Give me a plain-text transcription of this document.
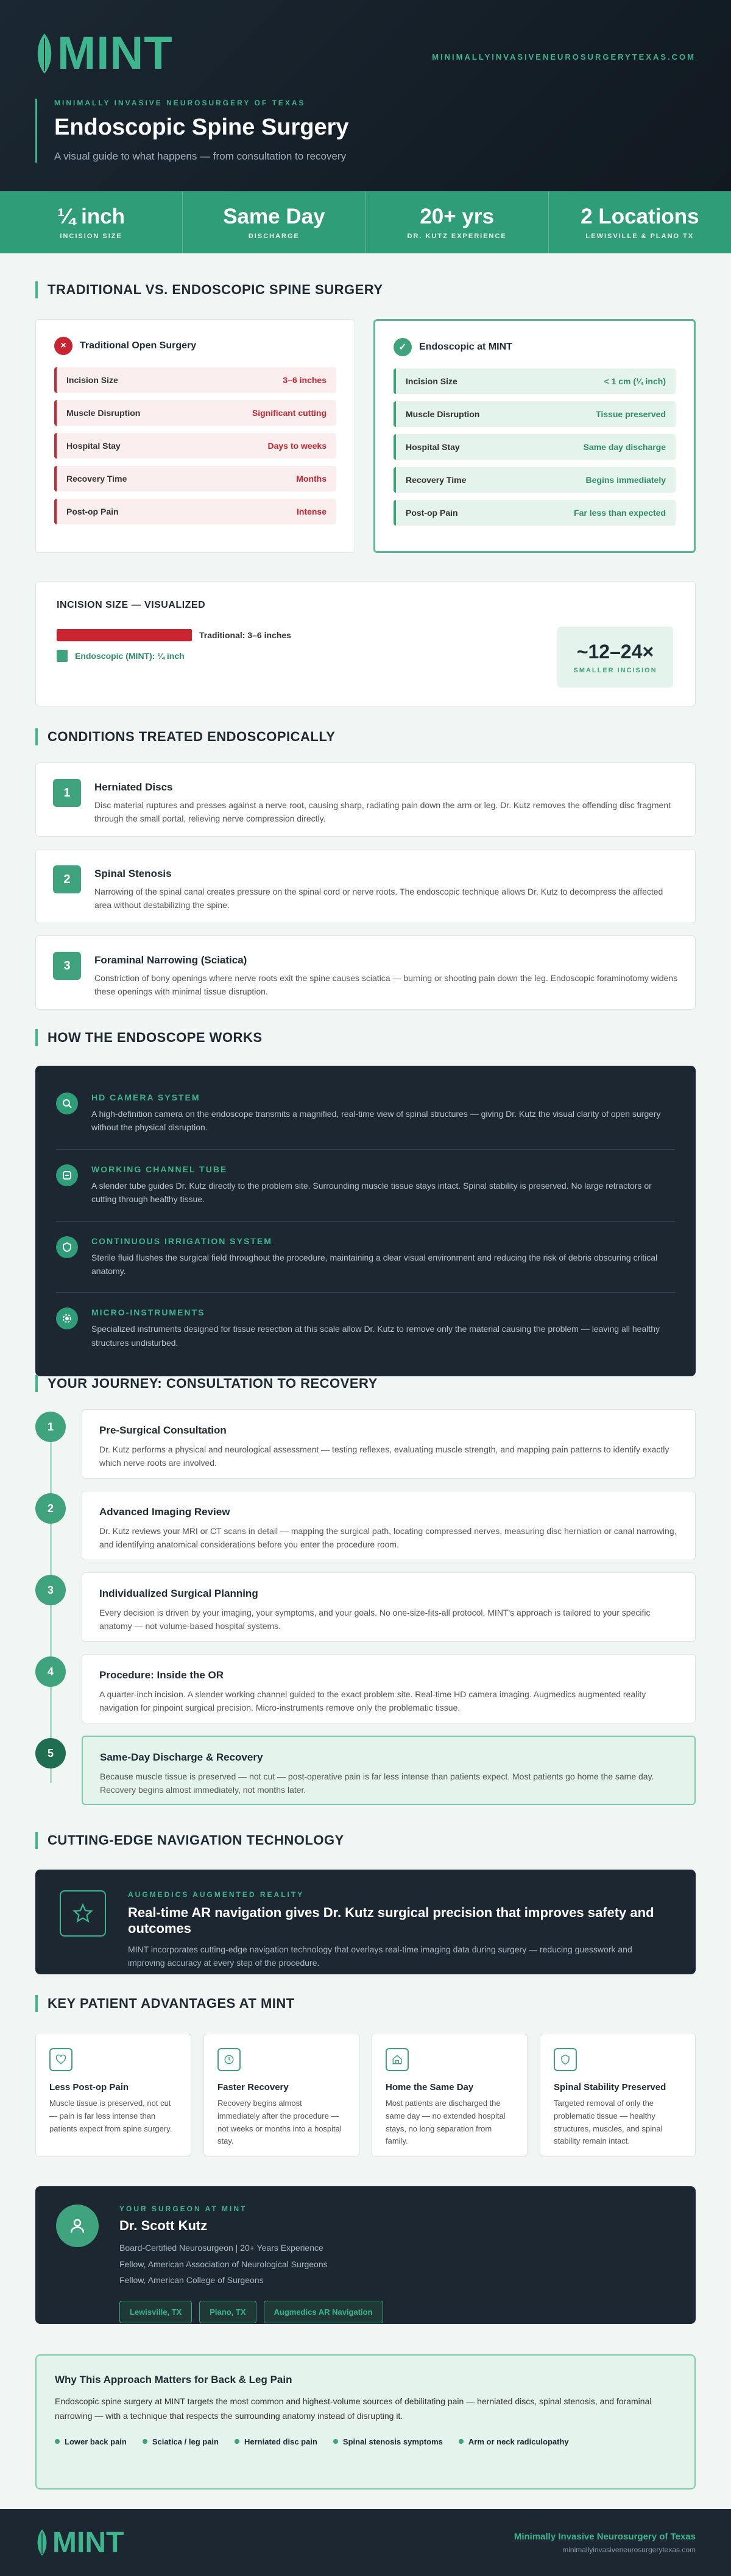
MINT	MINIMALLYINVASIVENEUROSURGERYTEXAS.COM
MINIMALLY INVASIVE NEUROSURGERY OF TEXAS
Endoscopic Spine Surgery
A visual guide to what happens — from consultation to recovery
¼ inch
INCISION SIZE
Same Day
DISCHARGE
20+ yrs
DR. KUTZ EXPERIENCE
2 Locations
LEWISVILLE & PLANO TX
TRADITIONAL VS. ENDOSCOPIC SPINE SURGERY
×	Traditional Open Surgery
Incision Size	3–6 inches
Muscle Disruption	Significant cutting
Hospital Stay	Days to weeks
Recovery Time	Months
Post-op Pain	Intense
✓	Endoscopic at MINT
Incision Size	< 1 cm (¼ inch)
Muscle Disruption	Tissue preserved
Hospital Stay	Same day discharge
Recovery Time	Begins immediately
Post-op Pain	Far less than expected
INCISION SIZE — VISUALIZED
Traditional: 3–6 inches
Endoscopic (MINT): ¼ inch	~12–24×
SMALLER INCISION
CONDITIONS TREATED ENDOSCOPICALLY
1	Herniated Discs
Disc material ruptures and presses against a nerve root, causing sharp, radiating pain down the arm or leg. Dr. Kutz removes the offending disc fragment through the small portal, relieving nerve compression directly.
2	Spinal Stenosis
Narrowing of the spinal canal creates pressure on the spinal cord or nerve roots. The endoscopic technique allows Dr. Kutz to decompress the affected area without destabilizing the spine.
3	Foraminal Narrowing (Sciatica)
Constriction of bony openings where nerve roots exit the spine causes sciatica — burning or shooting pain down the leg. Endoscopic foraminotomy widens these openings with minimal tissue disruption.
HOW THE ENDOSCOPE WORKS
HD CAMERA SYSTEM
A high-definition camera on the endoscope transmits a magnified, real-time view of spinal structures — giving Dr. Kutz the visual clarity of open surgery without the physical disruption.
WORKING CHANNEL TUBE
A slender tube guides Dr. Kutz directly to the problem site. Surrounding muscle tissue stays intact. Spinal stability is preserved. No large retractors or cutting through healthy tissue.
CONTINUOUS IRRIGATION SYSTEM
Sterile fluid flushes the surgical field throughout the procedure, maintaining a clear visual environment and reducing the risk of debris obscuring critical anatomy.
MICRO-INSTRUMENTS
Specialized instruments designed for tissue resection at this scale allow Dr. Kutz to remove only the material causing the problem — leaving all healthy structures undisturbed.
YOUR JOURNEY: CONSULTATION TO RECOVERY
1	Pre-Surgical Consultation
Dr. Kutz performs a physical and neurological assessment — testing reflexes, evaluating muscle strength, and mapping pain patterns to identify exactly which nerve roots are involved.
2	Advanced Imaging Review
Dr. Kutz reviews your MRI or CT scans in detail — mapping the surgical path, locating compressed nerves, measuring disc herniation or canal narrowing, and identifying anatomical considerations before you enter the procedure room.
3	Individualized Surgical Planning
Every decision is driven by your imaging, your symptoms, and your goals. No one-size-fits-all protocol. MINT's approach is tailored to your specific anatomy — not volume-based hospital systems.
4	Procedure: Inside the OR
A quarter-inch incision. A slender working channel guided to the exact problem site. Real-time HD camera imaging. Augmedics augmented reality navigation for pinpoint surgical precision. Micro-instruments remove only the problematic tissue.
5	Same-Day Discharge & Recovery
Because muscle tissue is preserved — not cut — post-operative pain is far less intense than patients expect. Most patients go home the same day. Recovery begins almost immediately, not months later.
CUTTING-EDGE NAVIGATION TECHNOLOGY
AUGMEDICS AUGMENTED REALITY
Real-time AR navigation gives Dr. Kutz surgical precision that improves safety and outcomes
MINT incorporates cutting-edge navigation technology that overlays real-time imaging data during surgery — reducing guesswork and improving accuracy at every step of the procedure.
KEY PATIENT ADVANTAGES AT MINT
Less Post-op Pain
Muscle tissue is preserved, not cut — pain is far less intense than patients expect from spine surgery.
Faster Recovery
Recovery begins almost immediately after the procedure — not weeks or months into a hospital stay.
Home the Same Day
Most patients are discharged the same day — no extended hospital stays, no long separation from family.
Spinal Stability Preserved
Targeted removal of only the problematic tissue — healthy structures, muscles, and spinal stability remain intact.
YOUR SURGEON AT MINT
Dr. Scott Kutz
Board-Certified Neurosurgeon | 20+ Years Experience
Fellow, American Association of Neurological Surgeons
Fellow, American College of Surgeons
Lewisville, TX	Plano, TX	Augmedics AR Navigation
Why This Approach Matters for Back & Leg Pain
Endoscopic spine surgery at MINT targets the most common and highest-volume sources of debilitating pain — herniated discs, spinal stenosis, and foraminal narrowing — with a technique that respects the surrounding anatomy instead of disrupting it.
Lower back pain	Sciatica / leg pain	Herniated disc pain	Spinal stenosis symptoms	Arm or neck radiculopathy
MINT	Minimally Invasive Neurosurgery of Texas
minimallyinvasiveneurosurgerytexas.com
